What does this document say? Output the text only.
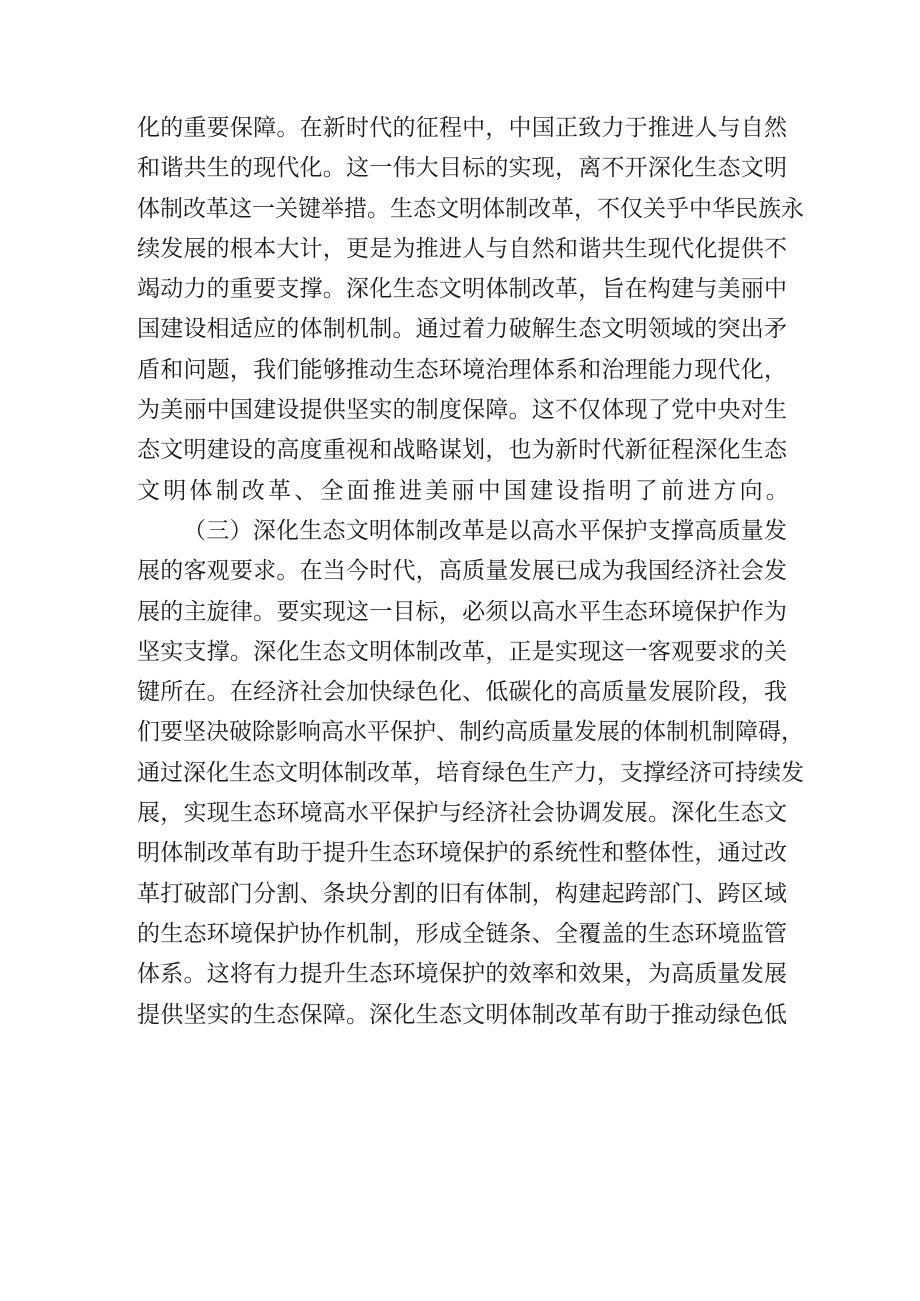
化的重要保障。在新时代的征程中，中国正致力于推进人与自然
和谐共生的现代化。这一伟大目标的实现，离不开深化生态文明
体制改革这一关键举措。生态文明体制改革，不仅关乎中华民族永
续发展的根本大计，更是为推进人与自然和谐共生现代化提供不
竭动力的重要支撑。深化生态文明体制改革，旨在构建与美丽中
国建设相适应的体制机制。通过着力破解生态文明领域的突出矛
盾和问题，我们能够推动生态环境治理体系和治理能力现代化，
为美丽中国建设提供坚实的制度保障。这不仅体现了党中央对生
态文明建设的高度重视和战略谋划，也为新时代新征程深化生态
文明体制改革、全面推进美丽中国建设指明了前进方向。
（三）深化生态文明体制改革是以高水平保护支撑高质量发
展的客观要求。在当今时代，高质量发展已成为我国经济社会发
展的主旋律。要实现这一目标，必须以高水平生态环境保护作为
坚实支撑。深化生态文明体制改革，正是实现这一客观要求的关
键所在。在经济社会加快绿色化、低碳化的高质量发展阶段，我
们要坚决破除影响高水平保护、制约高质量发展的体制机制障碍，
通过深化生态文明体制改革，培育绿色生产力，支撑经济可持续发
展，实现生态环境高水平保护与经济社会协调发展。深化生态文
明体制改革有助于提升生态环境保护的系统性和整体性，通过改
革打破部门分割、条块分割的旧有体制，构建起跨部门、跨区域
的生态环境保护协作机制，形成全链条、全覆盖的生态环境监管
体系。这将有力提升生态环境保护的效率和效果，为高质量发展
提供坚实的生态保障。深化生态文明体制改革有助于推动绿色低
